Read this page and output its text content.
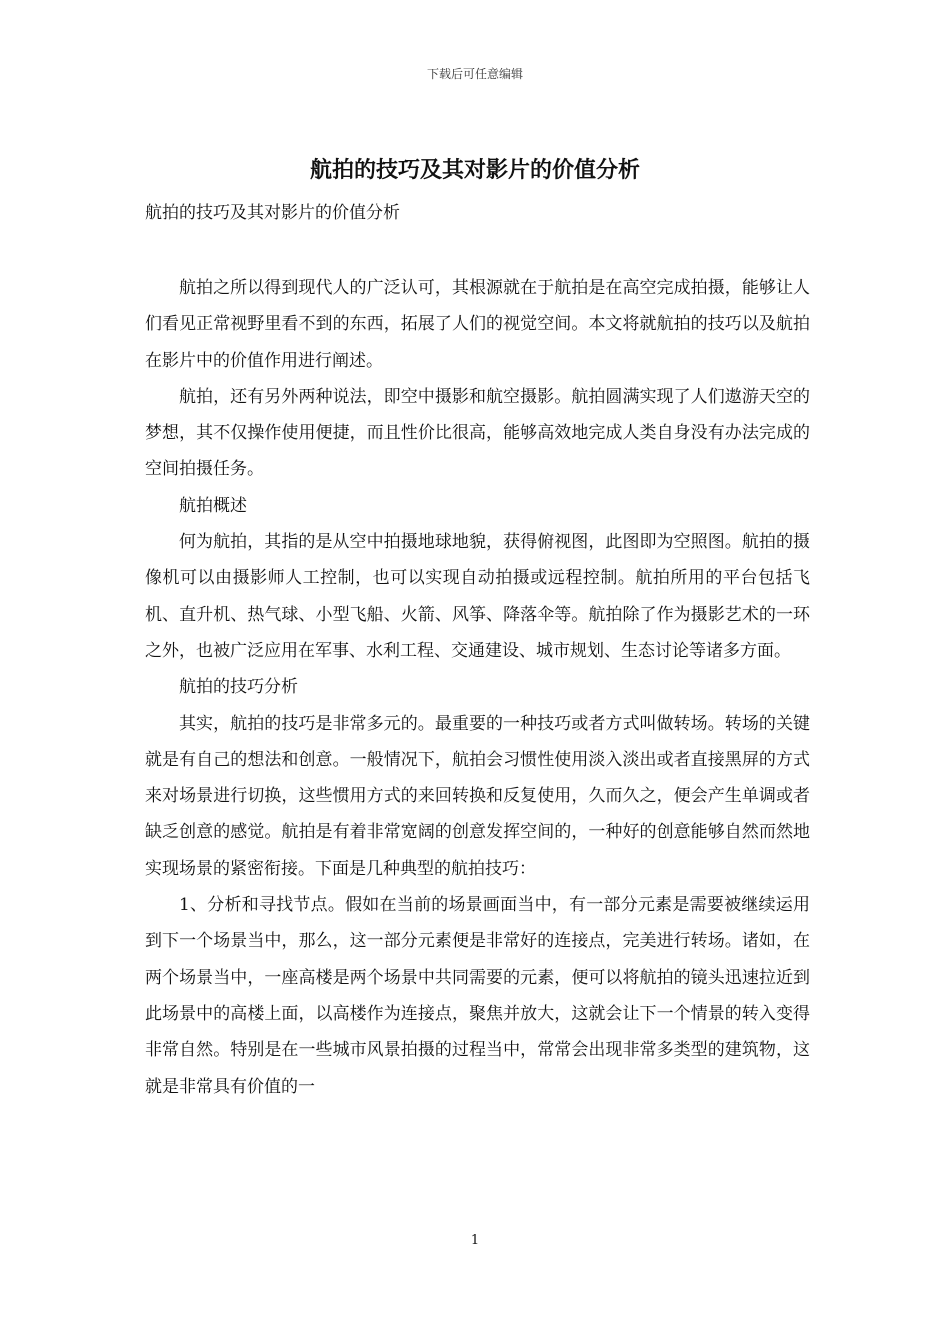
下载后可任意编辑
航拍的技巧及其对影片的价值分析

航拍的技巧及其对影片的价值分析

航拍之所以得到现代人的广泛认可，其根源就在于航拍是在高空完成拍摄，能够让人们看见正常视野里看不到的东西，拓展了人们的视觉空间。本文将就航拍的技巧以及航拍在影片中的价值作用进行阐述。

航拍，还有另外两种说法，即空中摄影和航空摄影。航拍圆满实现了人们遨游天空的梦想，其不仅操作使用便捷，而且性价比很高，能够高效地完成人类自身没有办法完成的空间拍摄任务。

航拍概述

何为航拍，其指的是从空中拍摄地球地貌，获得俯视图，此图即为空照图。航拍的摄像机可以由摄影师人工控制，也可以实现自动拍摄或远程控制。航拍所用的平台包括飞机、直升机、热气球、小型飞船、火箭、风筝、降落伞等。航拍除了作为摄影艺术的一环之外，也被广泛应用在军事、水利工程、交通建设、城市规划、生态讨论等诸多方面。

航拍的技巧分析

其实，航拍的技巧是非常多元的。最重要的一种技巧或者方式叫做转场。转场的关键就是有自己的想法和创意。一般情况下，航拍会习惯性使用淡入淡出或者直接黑屏的方式来对场景进行切换，这些惯用方式的来回转换和反复使用，久而久之，便会产生单调或者缺乏创意的感觉。航拍是有着非常宽阔的创意发挥空间的，一种好的创意能够自然而然地实现场景的紧密衔接。下面是几种典型的航拍技巧：

1、分析和寻找节点。假如在当前的场景画面当中，有一部分元素是需要被继续运用到下一个场景当中，那么，这一部分元素便是非常好的连接点，完美进行转场。诸如，在两个场景当中，一座高楼是两个场景中共同需要的元素，便可以将航拍的镜头迅速拉近到此场景中的高楼上面，以高楼作为连接点，聚焦并放大，这就会让下一个情景的转入变得非常自然。特别是在一些城市风景拍摄的过程当中，常常会出现非常多类型的建筑物，这就是非常具有价值的一

1
